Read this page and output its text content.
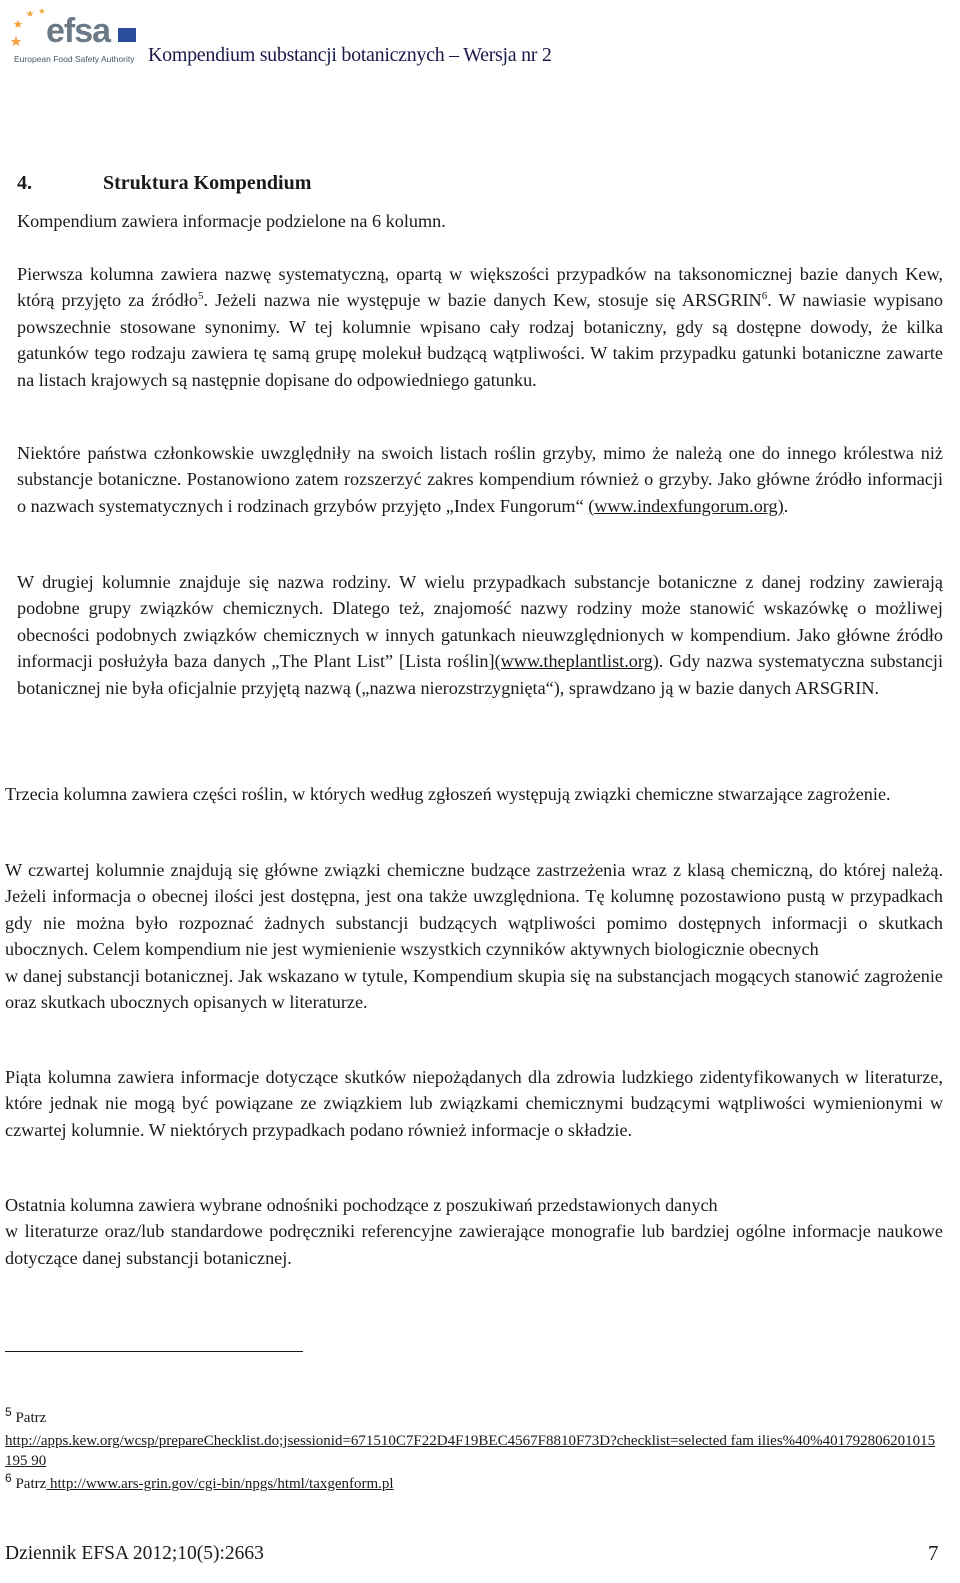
efsa
European Food Safety Authority Kompendium substancji botanicznych – Wersja nr 2
4.	Struktura Kompendium

Kompendium zawiera informacje podzielone na 6 kolumn.

Pierwsza kolumna zawiera nazwę systematyczną, opartą w większości przypadków na taksonomicznej bazie danych Kew, którą przyjęto za źródło$^5$. Jeżeli nazwa nie występuje w bazie danych Kew, stosuje się ARSGRIN$^6$. W nawiasie wypisano powszechnie stosowane synonimy. W tej kolumnie wpisano cały rodzaj botaniczny, gdy są dostępne dowody, że kilka gatunków tego rodzaju zawiera tę samą grupę molekuł budzącą wątpliwości. W takim przypadku gatunki botaniczne zawarte na listach krajowych są następnie dopisane do odpowiedniego gatunku.

Niektóre państwa członkowskie uwzględniły na swoich listach roślin grzyby, mimo że należą one do innego królestwa niż substancje botaniczne. Postanowiono zatem rozszerzyć zakres kompendium również o grzyby. Jako główne źródło informacji o nazwach systematycznych i rodzinach grzybów przyjęto „Index Fungorum“ (www.indexfungorum.org).

W drugiej kolumnie znajduje się nazwa rodziny. W wielu przypadkach substancje botaniczne z danej rodziny zawierają podobne grupy związków chemicznych. Dlatego też, znajomość nazwy rodziny może stanowić wskazówkę o możliwej obecności podobnych związków chemicznych w innych gatunkach nieuwzględnionych w kompendium. Jako główne źródło informacji posłużyła baza danych „The Plant List” [Lista roślin](www.theplantlist.org). Gdy nazwa systematyczna substancji botanicznej nie była oficjalnie przyjętą nazwą („nazwa nierozstrzygnięta“), sprawdzano ją w bazie danych ARSGRIN.

Trzecia kolumna zawiera części roślin, w których według zgłoszeń występują związki chemiczne stwarzające zagrożenie.

W czwartej kolumnie znajdują się główne związki chemiczne budzące zastrzeżenia wraz z klasą chemiczną, do której należą. Jeżeli informacja o obecnej ilości jest dostępna, jest ona także uwzględniona. Tę kolumnę pozostawiono pustą w przypadkach gdy nie można było rozpoznać żadnych substancji budzących wątpliwości pomimo dostępnych informacji o skutkach ubocznych. Celem kompendium nie jest wymienienie wszystkich czynników aktywnych biologicznie obecnych
w danej substancji botanicznej. Jak wskazano w tytule, Kompendium skupia się na substancjach mogących stanowić zagrożenie oraz skutkach ubocznych opisanych w literaturze.

Piąta kolumna zawiera informacje dotyczące skutków niepożądanych dla zdrowia ludzkiego zidentyfikowanych w literaturze, które jednak nie mogą być powiązane ze związkiem lub związkami chemicznymi budzącymi wątpliwości wymienionymi w czwartej kolumnie. W niektórych przypadkach podano również informacje o składzie.

Ostatnia kolumna zawiera wybrane odnośniki pochodzące z poszukiwań przedstawionych danych
w literaturze oraz/lub standardowe podręczniki referencyjne zawierające monografie lub bardziej ogólne informacje naukowe dotyczące danej substancji botanicznej.

$^5$ Patrz
http://apps.kew.org/wcsp/prepareChecklist.do;jsessionid=671510C7F22D4F19BEC4567F8810F73D?checklist=selected fam ilies%40%401792806201015195 90
$^6$ Patrz http://www.ars-grin.gov/cgi-bin/npgs/html/taxgenform.pl
Dziennik EFSA 2012;10(5):2663	7
